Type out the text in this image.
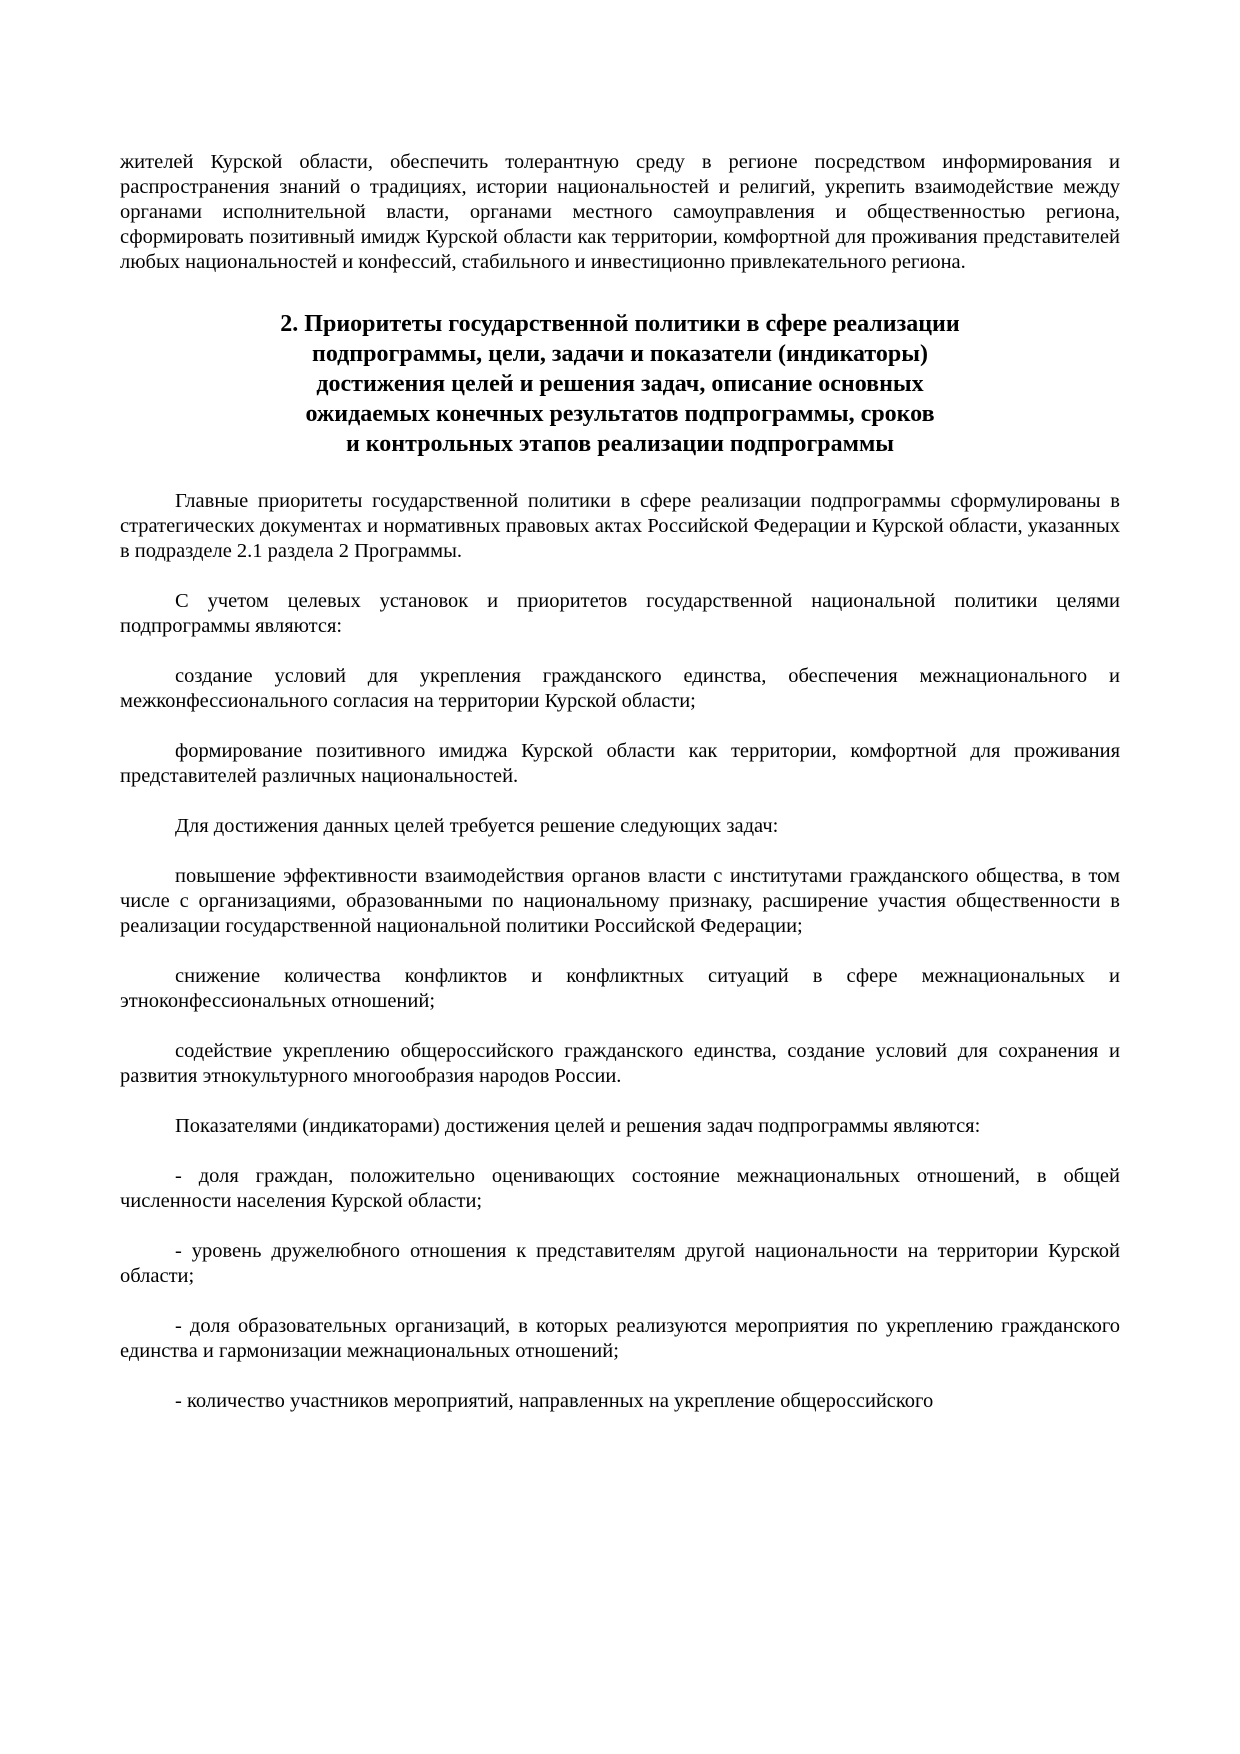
жителей Курской области, обеспечить толерантную среду в регионе посредством информирования и распространения знаний о традициях, истории национальностей и религий, укрепить взаимодействие между органами исполнительной власти, органами местного самоуправления и общественностью региона, сформировать позитивный имидж Курской области как территории, комфортной для проживания представителей любых национальностей и конфессий, стабильного и инвестиционно привлекательного региона.

2. Приоритеты государственной политики в сфере реализации
подпрограммы, цели, задачи и показатели (индикаторы)
достижения целей и решения задач, описание основных
ожидаемых конечных результатов подпрограммы, сроков
и контрольных этапов реализации подпрограммы

Главные приоритеты государственной политики в сфере реализации подпрограммы сформулированы в стратегических документах и нормативных правовых актах Российской Федерации и Курской области, указанных в подразделе 2.1 раздела 2 Программы.

С учетом целевых установок и приоритетов государственной национальной политики целями подпрограммы являются:

создание условий для укрепления гражданского единства, обеспечения межнационального и межконфессионального согласия на территории Курской области;

формирование позитивного имиджа Курской области как территории, комфортной для проживания представителей различных национальностей.

Для достижения данных целей требуется решение следующих задач:

повышение эффективности взаимодействия органов власти с институтами гражданского общества, в том числе с организациями, образованными по национальному признаку, расширение участия общественности в реализации государственной национальной политики Российской Федерации;

снижение количества конфликтов и конфликтных ситуаций в сфере межнациональных и этноконфессиональных отношений;

содействие укреплению общероссийского гражданского единства, создание условий для сохранения и развития этнокультурного многообразия народов России.

Показателями (индикаторами) достижения целей и решения задач подпрограммы являются:

- доля граждан, положительно оценивающих состояние межнациональных отношений, в общей численности населения Курской области;

- уровень дружелюбного отношения к представителям другой национальности на территории Курской области;

- доля образовательных организаций, в которых реализуются мероприятия по укреплению гражданского единства и гармонизации межнациональных отношений;

- количество участников мероприятий, направленных на укрепление общероссийского
